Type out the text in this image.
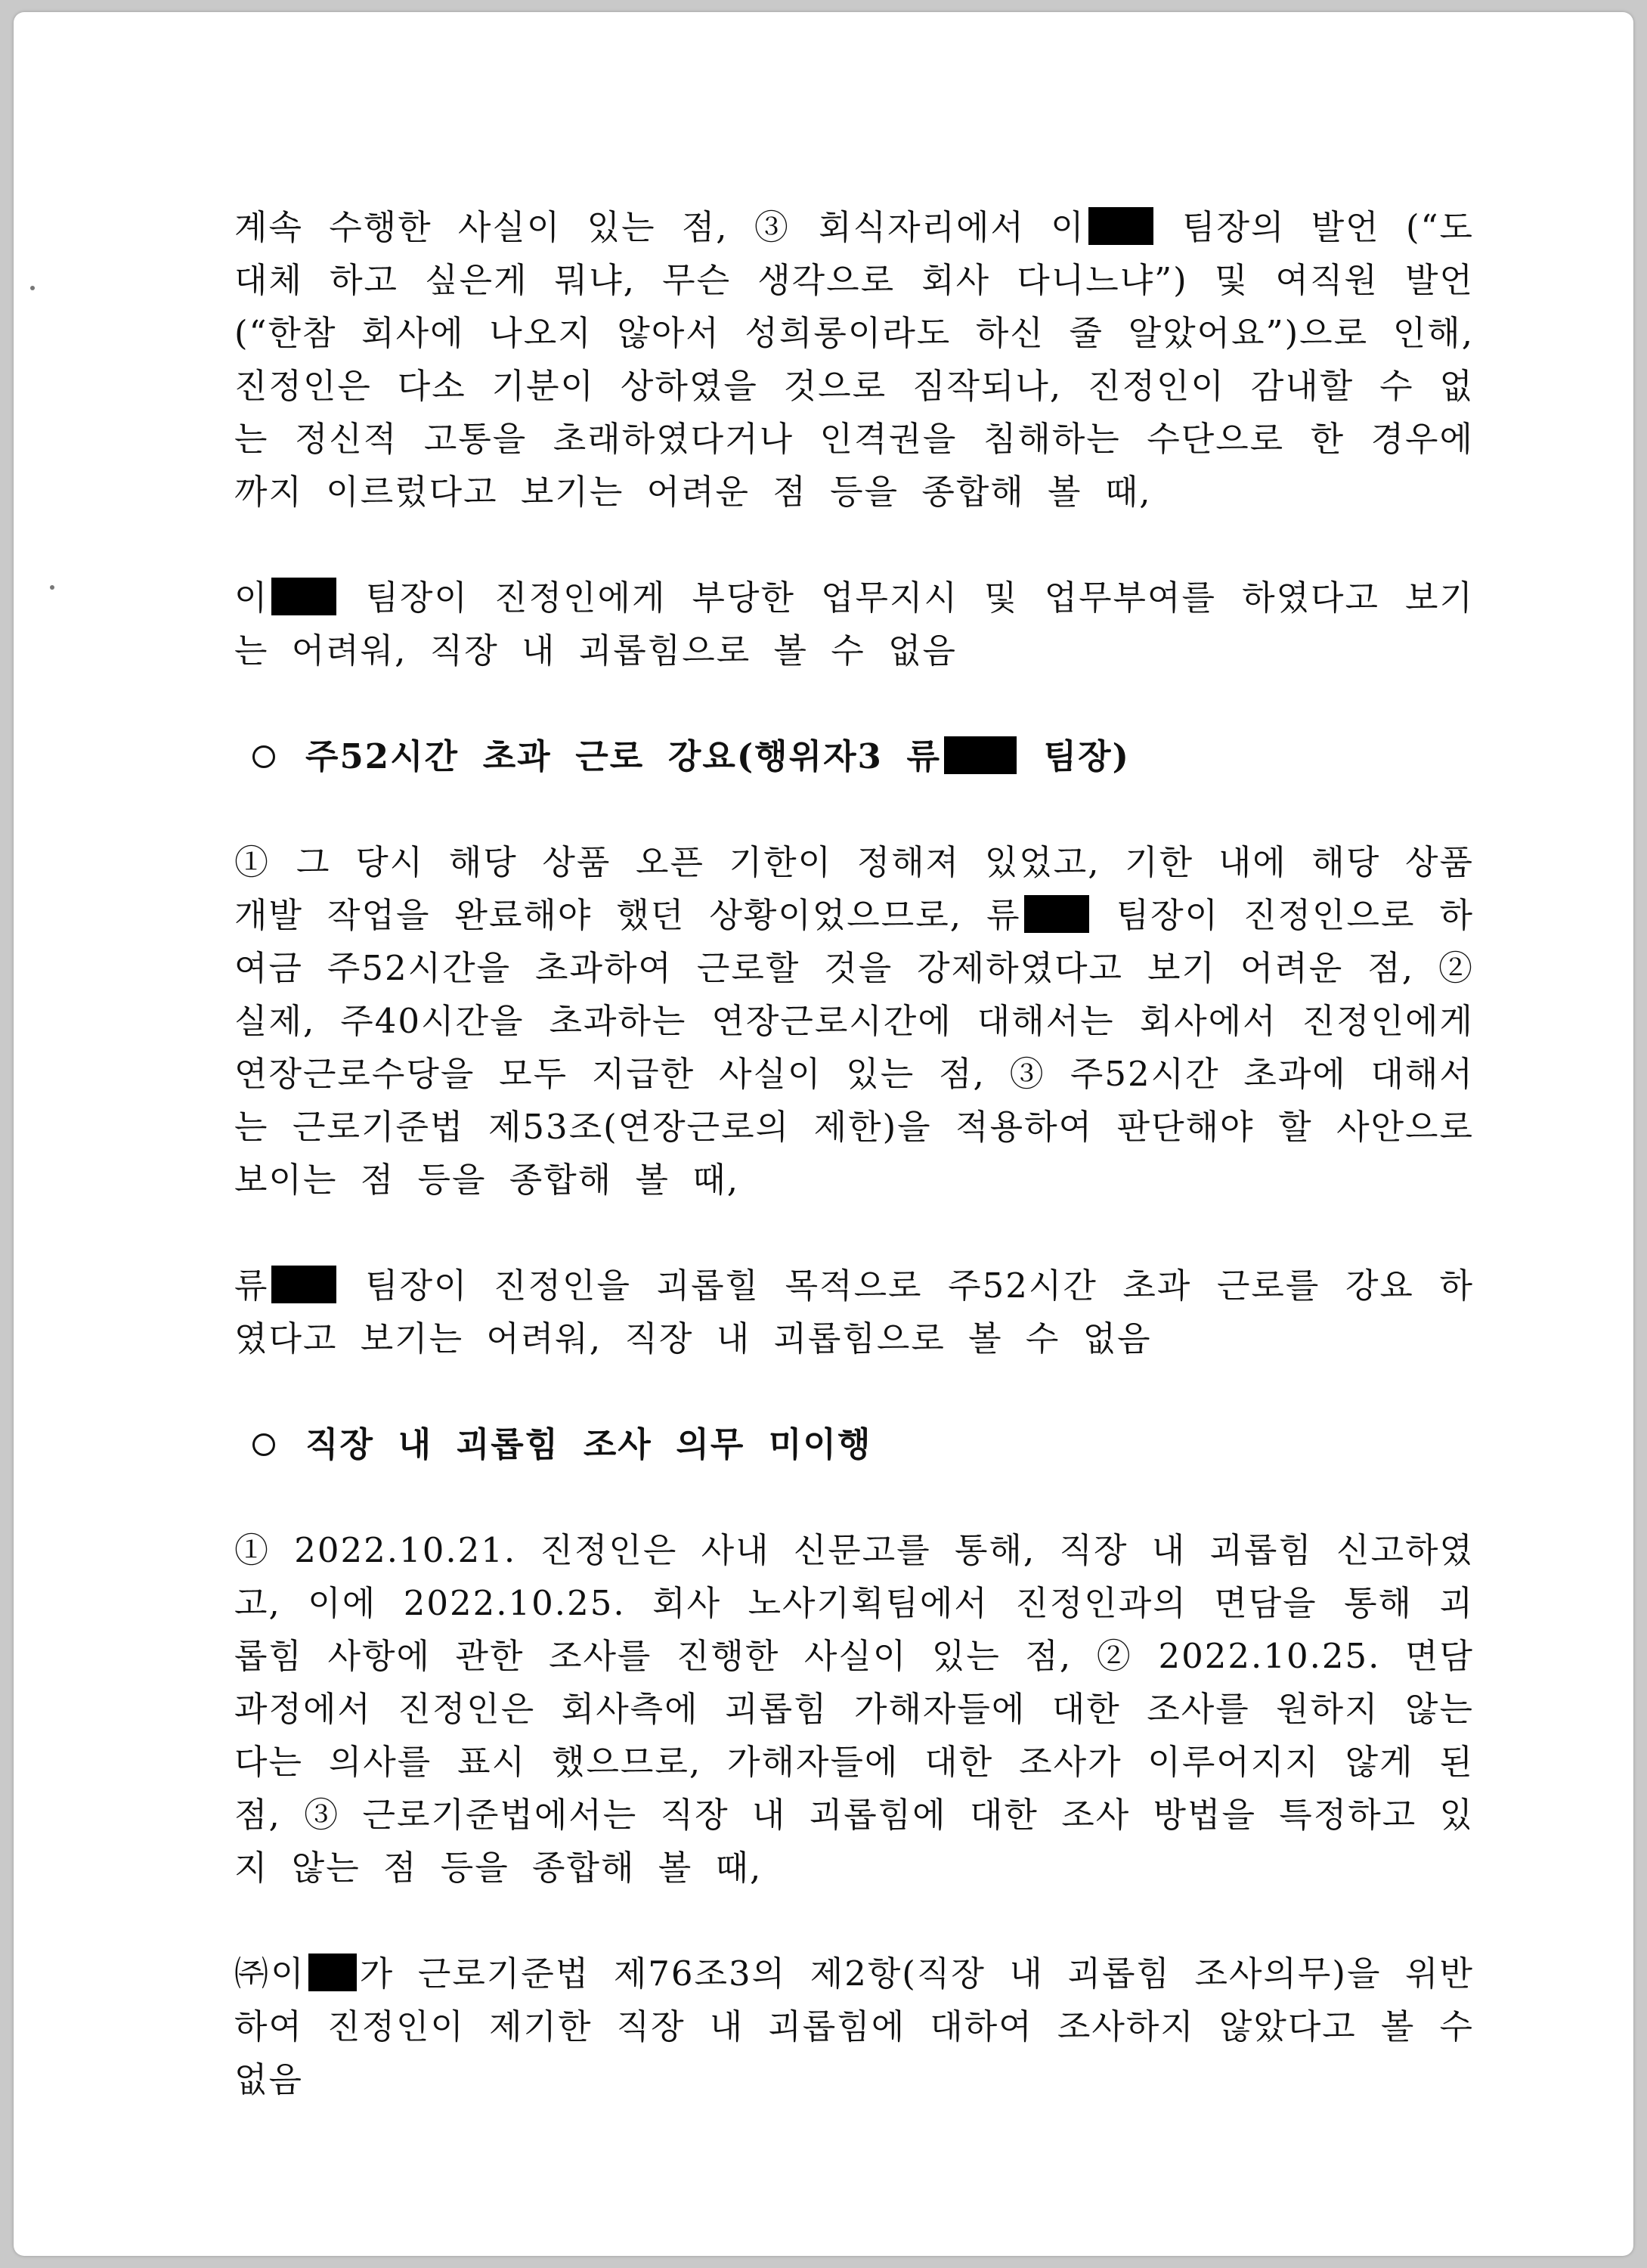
계속 수행한 사실이 있는 점, ③ 회식자리에서 이 팀장의 발언 (“도대체 하고 싶은게 뭐냐, 무슨 생각으로 회사 다니느냐”) 및 여직원 발언 (“한참 회사에 나오지 않아서 성희롱이라도 하신 줄 알았어요”)으로 인해, 진정인은 다소 기분이 상하였을 것으로 짐작되나, 진정인이 감내할 수 없는 정신적 고통을 초래하였다거나 인격권을 침해하는 수단으로 한 경우에까지 이르렀다고 보기는 어려운 점 등을 종합해 볼 때,

이 팀장이 진정인에게 부당한 업무지시 및 업무부여를 하였다고 보기는 어려워, 직장 내 괴롭힘으로 볼 수 없음

주52시간 초과 근로 강요(행위자3 류 팀장)

① 그 당시 해당 상품 오픈 기한이 정해져 있었고, 기한 내에 해당 상품 개발 작업을 완료해야 했던 상황이었으므로, 류 팀장이 진정인으로 하여금 주52시간을 초과하여 근로할 것을 강제하였다고 보기 어려운 점, ② 실제, 주40시간을 초과하는 연장근로시간에 대해서는 회사에서 진정인에게 연장근로수당을 모두 지급한 사실이 있는 점, ③ 주52시간 초과에 대해서는 근로기준법 제53조(연장근로의 제한)을 적용하여 판단해야 할 사안으로 보이는 점 등을 종합해 볼 때,

류 팀장이 진정인을 괴롭힐 목적으로 주52시간 초과 근로를 강요 하였다고 보기는 어려워, 직장 내 괴롭힘으로 볼 수 없음

직장 내 괴롭힘 조사 의무 미이행

① 2022.10.21. 진정인은 사내 신문고를 통해, 직장 내 괴롭힘 신고하였고, 이에 2022.10.25. 회사 노사기획팀에서 진정인과의 면담을 통해 괴롭힘 사항에 관한 조사를 진행한 사실이 있는 점, ② 2022.10.25. 면담과정에서 진정인은 회사측에 괴롭힘 가해자들에 대한 조사를 원하지 않는다는 의사를 표시 했으므로, 가해자들에 대한 조사가 이루어지지 않게 된 점, ③ 근로기준법에서는 직장 내 괴롭힘에 대한 조사 방법을 특정하고 있지 않는 점 등을 종합해 볼 때,

㈜이 가 근로기준법 제76조3의 제2항(직장 내 괴롭힘 조사의무)을 위반하여 진정인이 제기한 직장 내 괴롭힘에 대하여 조사하지 않았다고 볼 수 없음
